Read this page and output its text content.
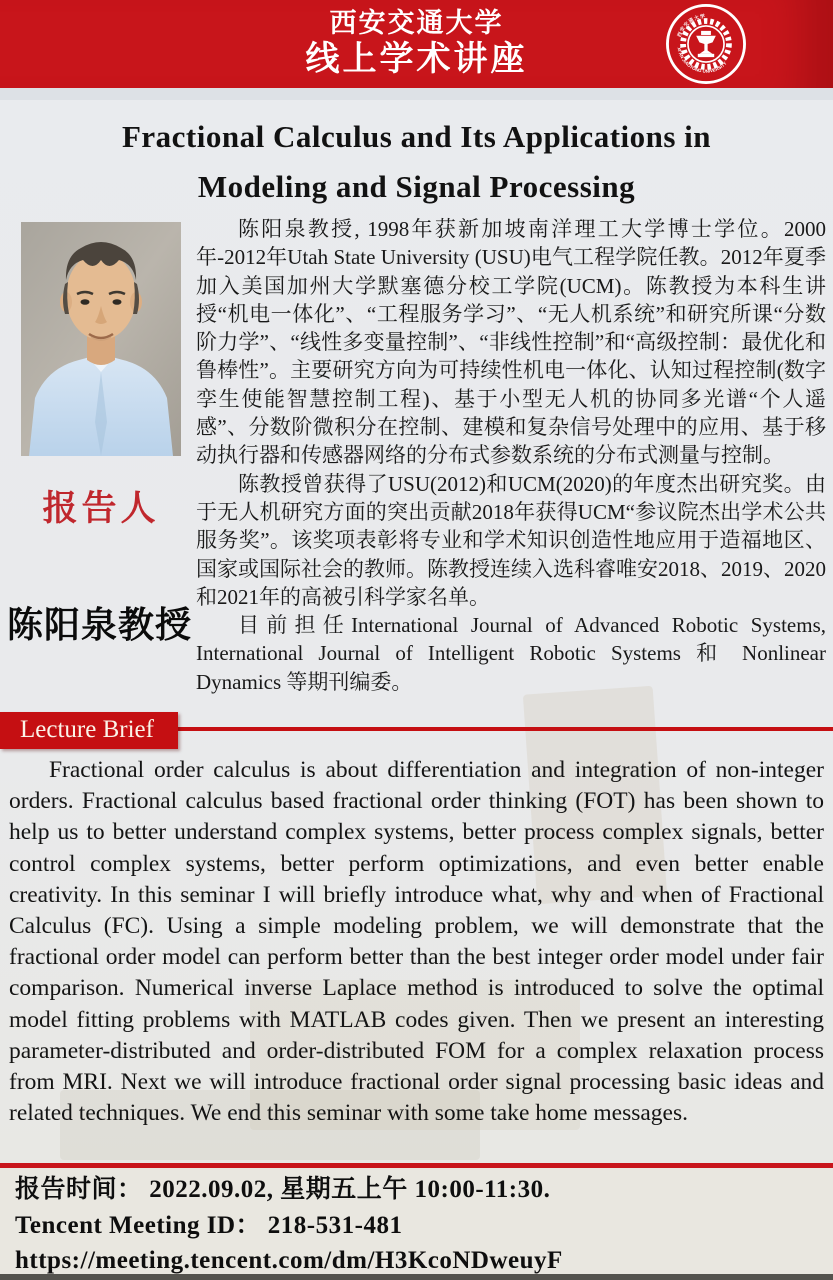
西安交通大学
线上学术讲座
西安交通大学
XI'AN JIAOTONG UNIVERSITY
Fractional Calculus and Its Applications in
Modeling and Signal Processing
报告人
陈阳泉教授

陈阳泉教授, 1998年获新加坡南洋理工大学博士学位。2000年-2012年Utah State University (USU)电气工程学院任教。2012年夏季加入美国加州大学默塞德分校工学院(UCM)。陈教授为本科生讲授“机电一体化”、“工程服务学习”、“无人机系统”和研究所课“分数阶力学”、“线性多变量控制”、“非线性控制”和“高级控制：最优化和鲁棒性”。主要研究方向为可持续性机电一体化、认知过程控制(数字孪生使能智慧控制工程)、基于小型无人机的协同多光谱“个人遥感”、分数阶微积分在控制、建模和复杂信号处理中的应用、基于移动执行器和传感器网络的分布式参数系统的分布式测量与控制。

陈教授曾获得了USU(2012)和UCM(2020)的年度杰出研究奖。由于无人机研究方面的突出贡献2018年获得UCM“参议院杰出学术公共服务奖”。该奖项表彰将专业和学术知识创造性地应用于造福地区、国家或国际社会的教师。陈教授连续入选科睿唯安2018、2019、2020和2021年的高被引科学家名单。

目前担任International Journal of Advanced Robotic Systems, International Journal of Intelligent Robotic Systems 和 Nonlinear Dynamics 等期刊编委。

Lecture Brief

Fractional order calculus is about differentiation and integration of non-integer orders. Fractional calculus based fractional order thinking (FOT) has been shown to help us to better understand complex systems, better process complex signals, better control complex systems, better perform optimizations, and even better enable creativity. In this seminar I will briefly introduce what, why and when of Fractional Calculus (FC). Using a simple modeling problem, we will demonstrate that the fractional order model can perform better than the best integer order model under fair comparison. Numerical inverse Laplace method is introduced to solve the optimal model fitting problems with MATLAB codes given. Then we present an interesting parameter-distributed and order-distributed FOM for a complex relaxation process from MRI. Next we will introduce fractional order signal processing basic ideas and related techniques. We end this seminar with some take home messages.

报告时间： 2022.09.02, 星期五上午 10:00-11:30.
Tencent Meeting ID： 218-531-481
https://meeting.tencent.com/dm/H3KcoNDweuyF
